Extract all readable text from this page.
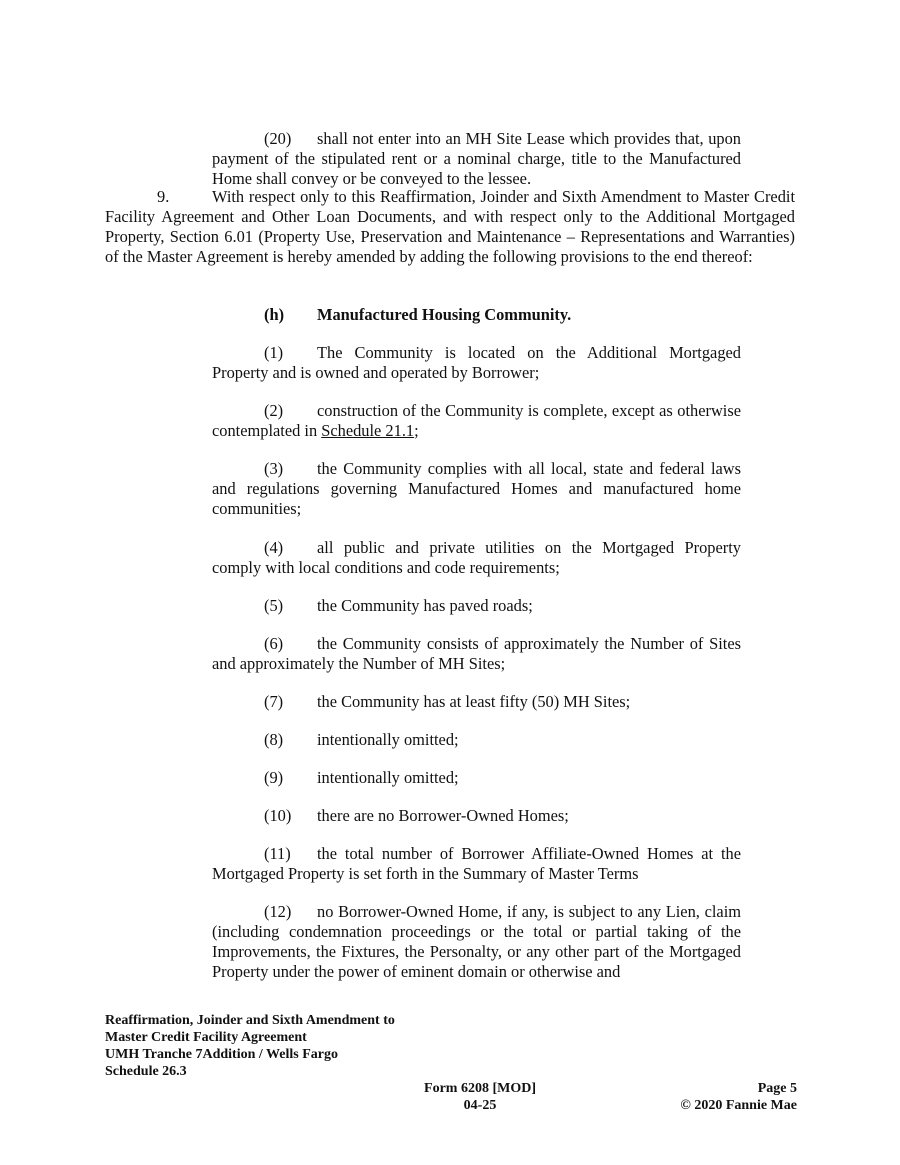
(20) shall not enter into an MH Site Lease which provides that, upon payment of the stipulated rent or a nominal charge, title to the Manufactured Home shall convey or be conveyed to the lessee.

9.	With respect only to this Reaffirmation, Joinder and Sixth Amendment to Master Credit Facility Agreement and Other Loan Documents, and with respect only to the Additional Mortgaged Property, Section 6.01 (Property Use, Preservation and Maintenance – Representations and Warranties) of the Master Agreement is hereby amended by adding the following provisions to the end thereof:

(h) Manufactured Housing Community.

(1) The Community is located on the Additional Mortgaged Property and is owned and operated by Borrower;

(2) construction of the Community is complete, except as otherwise contemplated in Schedule 21.1;

(3) the Community complies with all local, state and federal laws and regulations governing Manufactured Homes and manufactured home communities;

(4) all public and private utilities on the Mortgaged Property comply with local conditions and code requirements;

(5) the Community has paved roads;

(6) the Community consists of approximately the Number of Sites and approximately the Number of MH Sites;

(7) the Community has at least fifty (50) MH Sites;

(8) intentionally omitted;

(9) intentionally omitted;

(10) there are no Borrower-Owned Homes;

(11) the total number of Borrower Affiliate-Owned Homes at the Mortgaged Property is set forth in the Summary of Master Terms

(12) no Borrower-Owned Home, if any, is subject to any Lien, claim (including condemnation proceedings or the total or partial taking of the Improvements, the Fixtures, the Personalty, or any other part of the Mortgaged Property under the power of eminent domain or otherwise and

Reaffirmation, Joinder and Sixth Amendment to
Master Credit Facility Agreement
UMH Tranche 7Addition / Wells Fargo
Schedule 26.3
Form 6208 [MOD]
04-25
Page 5
© 2020 Fannie Mae
